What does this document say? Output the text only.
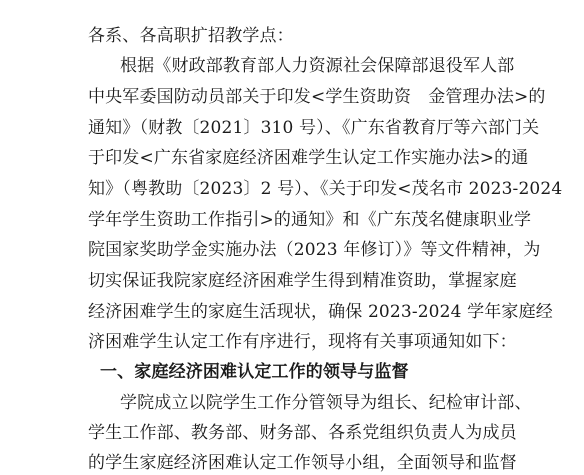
各系、各高职扩招教学点：
根据《财政部教育部人力资源社会保障部退役军人部
中央军委国防动员部关于印发<学生资助资　金管理办法>的
通知》（财教〔2021〕310 号）、《广东省教育厅等六部门关
于印发<广东省家庭经济困难学生认定工作实施办法>的通
知》（粤教助〔2023〕2 号）、《关于印发<茂名市 2023-2024
学年学生资助工作指引>的通知》和《广东茂名健康职业学
院国家奖助学金实施办法（2023 年修订）》等文件精神，为
切实保证我院家庭经济困难学生得到精准资助，掌握家庭
经济困难学生的家庭生活现状，确保 2023-2024 学年家庭经
济困难学生认定工作有序进行，现将有关事项通知如下：
一、家庭经济困难认定工作的领导与监督
学院成立以院学生工作分管领导为组长、纪检审计部、
学生工作部、教务部、财务部、各系党组织负责人为成员
的学生家庭经济困难认定工作领导小组，全面领导和监督
